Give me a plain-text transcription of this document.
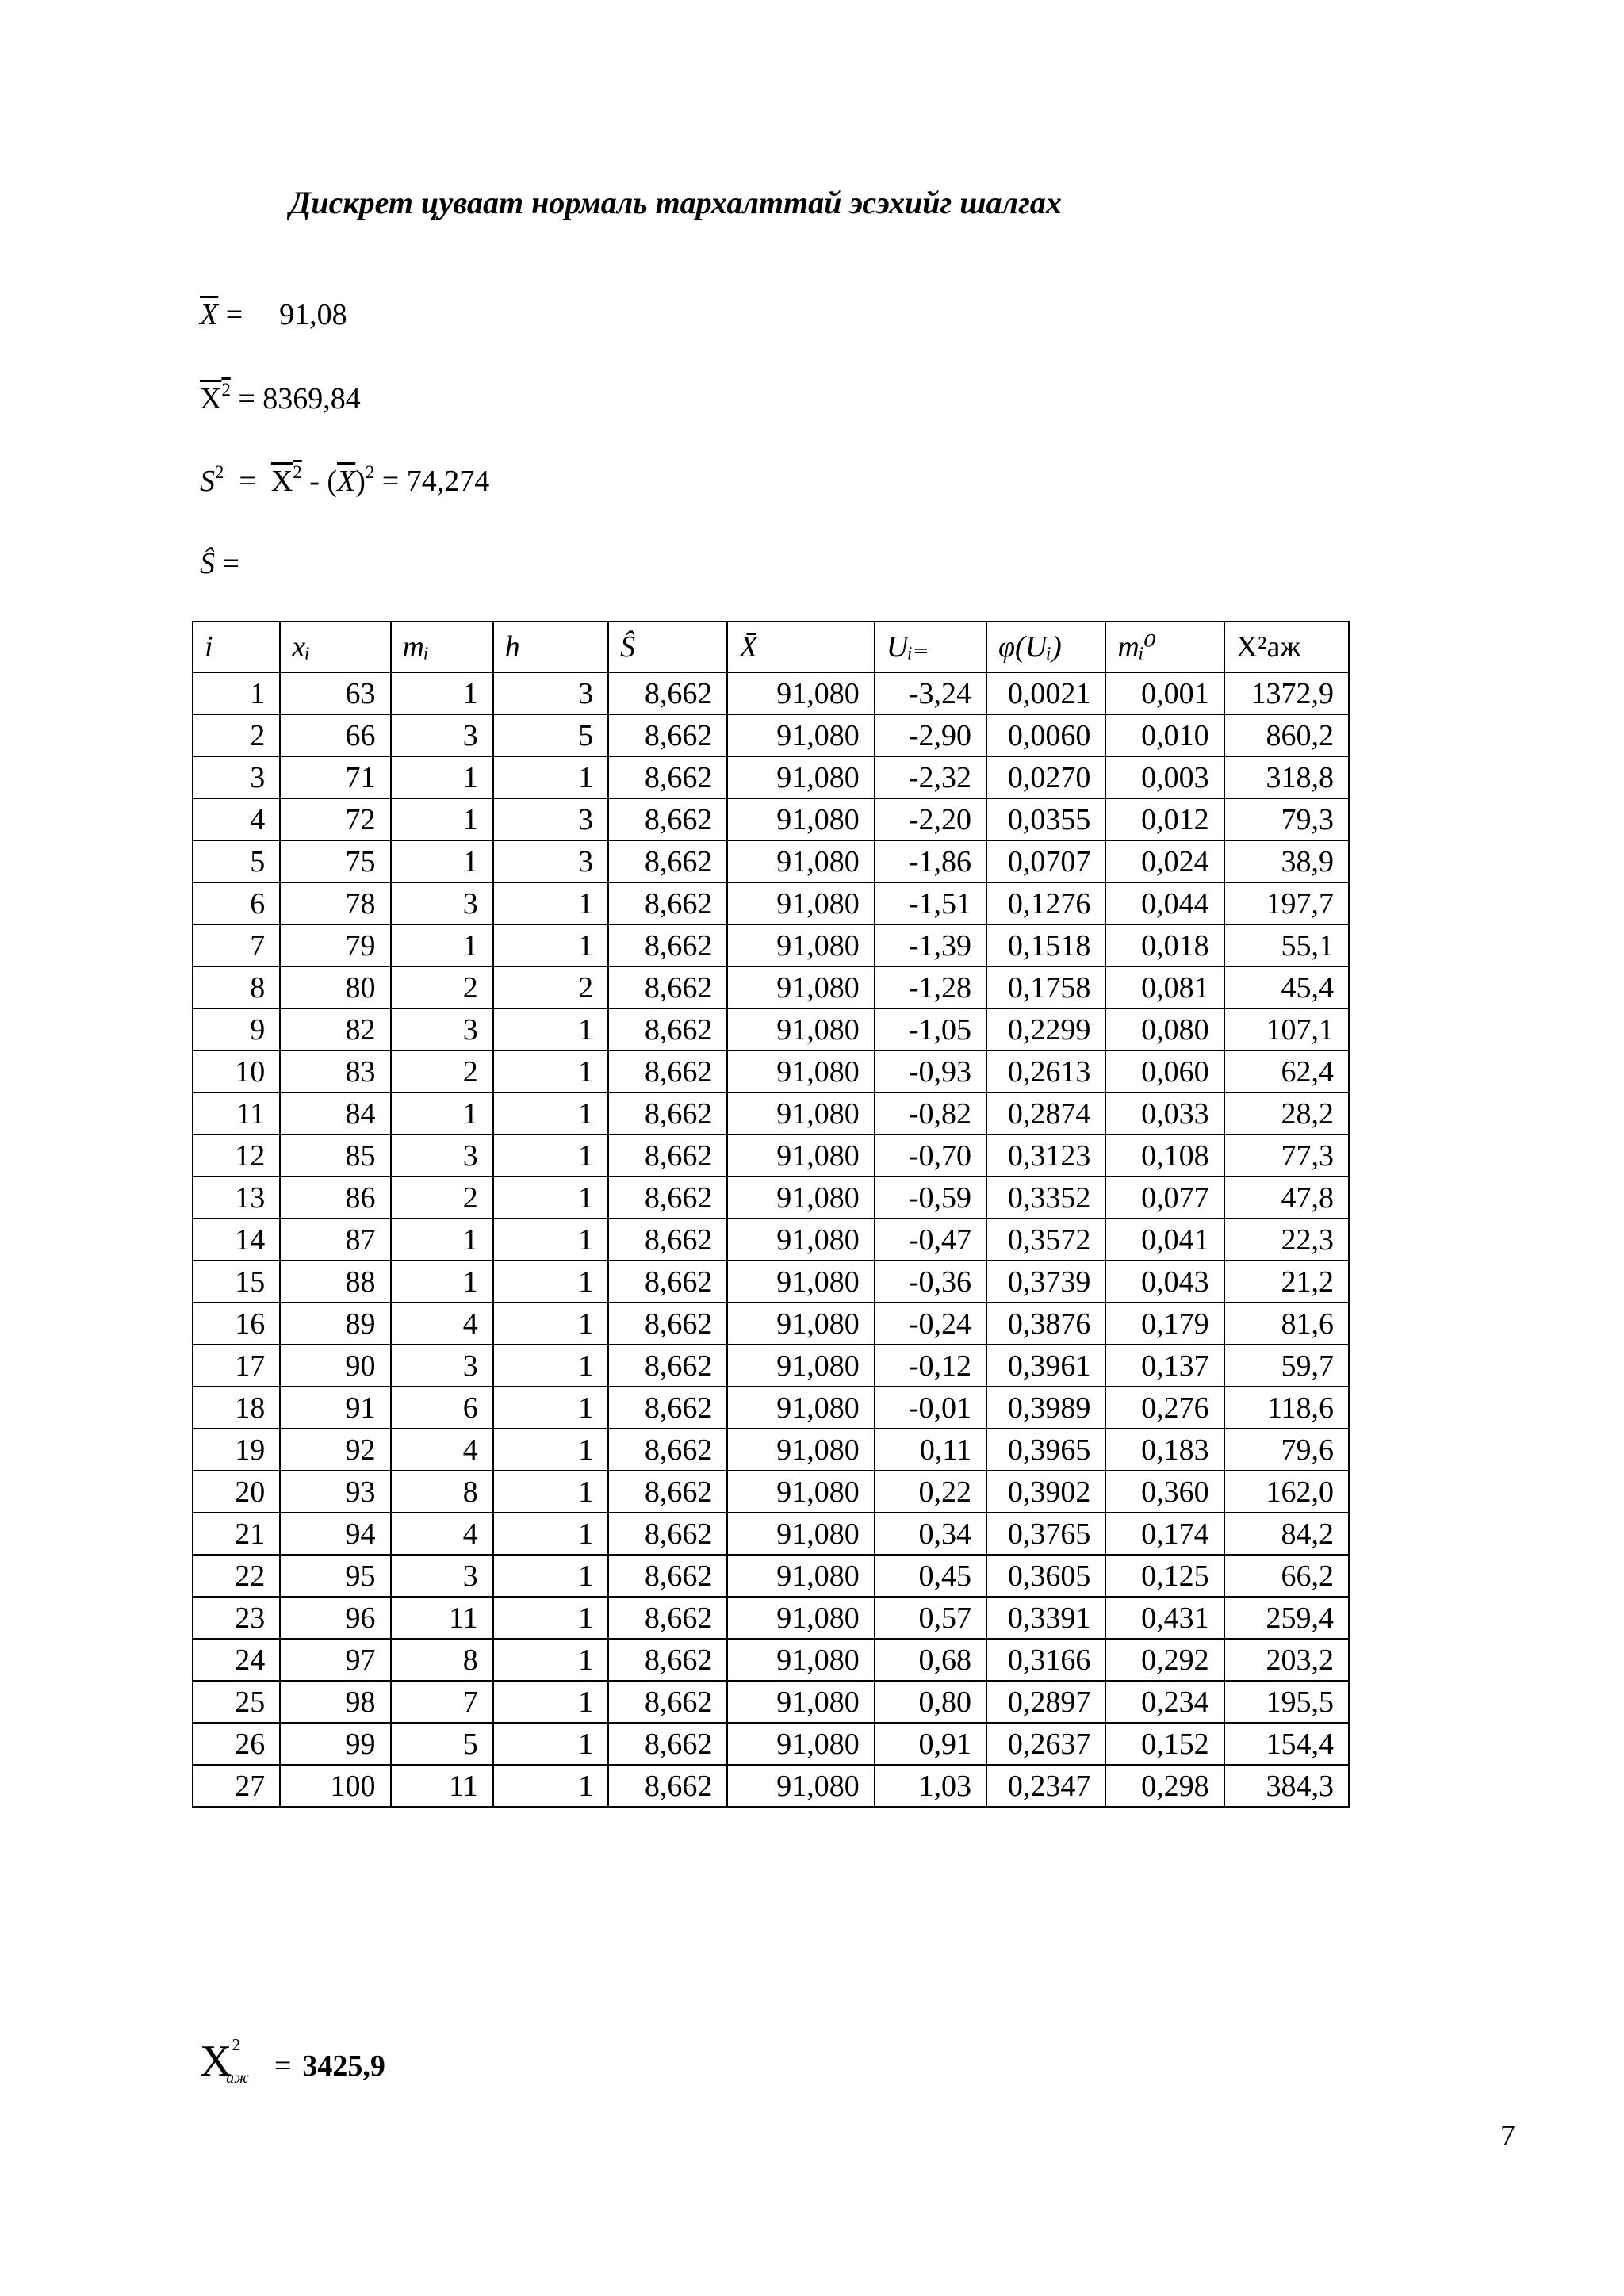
Дискрет цуваат нормаль тархалттай эсэхийг шалгах
$\overline{X} = 91,08$
$X^2 = 8369,84$
$S^2 = X^2 - (\overline{X})^2 = 74,274$
Ŝ =
i	xᵢ	mᵢ	h	Ŝ	X̄	Uᵢ₌	φ(Uᵢ)	mᵢ⁰	X²аж
1	63	1	3	8,662	91,080	-3,24	0,0021	0,001	1372,9
2	66	3	5	8,662	91,080	-2,90	0,0060	0,010	860,2
3	71	1	1	8,662	91,080	-2,32	0,0270	0,003	318,8
4	72	1	3	8,662	91,080	-2,20	0,0355	0,012	79,3
5	75	1	3	8,662	91,080	-1,86	0,0707	0,024	38,9
6	78	3	1	8,662	91,080	-1,51	0,1276	0,044	197,7
7	79	1	1	8,662	91,080	-1,39	0,1518	0,018	55,1
8	80	2	2	8,662	91,080	-1,28	0,1758	0,081	45,4
9	82	3	1	8,662	91,080	-1,05	0,2299	0,080	107,1
10	83	2	1	8,662	91,080	-0,93	0,2613	0,060	62,4
11	84	1	1	8,662	91,080	-0,82	0,2874	0,033	28,2
12	85	3	1	8,662	91,080	-0,70	0,3123	0,108	77,3
13	86	2	1	8,662	91,080	-0,59	0,3352	0,077	47,8
14	87	1	1	8,662	91,080	-0,47	0,3572	0,041	22,3
15	88	1	1	8,662	91,080	-0,36	0,3739	0,043	21,2
16	89	4	1	8,662	91,080	-0,24	0,3876	0,179	81,6
17	90	3	1	8,662	91,080	-0,12	0,3961	0,137	59,7
18	91	6	1	8,662	91,080	-0,01	0,3989	0,276	118,6
19	92	4	1	8,662	91,080	0,11	0,3965	0,183	79,6
20	93	8	1	8,662	91,080	0,22	0,3902	0,360	162,0
21	94	4	1	8,662	91,080	0,34	0,3765	0,174	84,2
22	95	3	1	8,662	91,080	0,45	0,3605	0,125	66,2
23	96	11	1	8,662	91,080	0,57	0,3391	0,431	259,4
24	97	8	1	8,662	91,080	0,68	0,3166	0,292	203,2
25	98	7	1	8,662	91,080	0,80	0,2897	0,234	195,5
26	99	5	1	8,662	91,080	0,91	0,2637	0,152	154,4
27	100	11	1	8,662	91,080	1,03	0,2347	0,298	384,3
$X^2аж = 3425,9$
7
